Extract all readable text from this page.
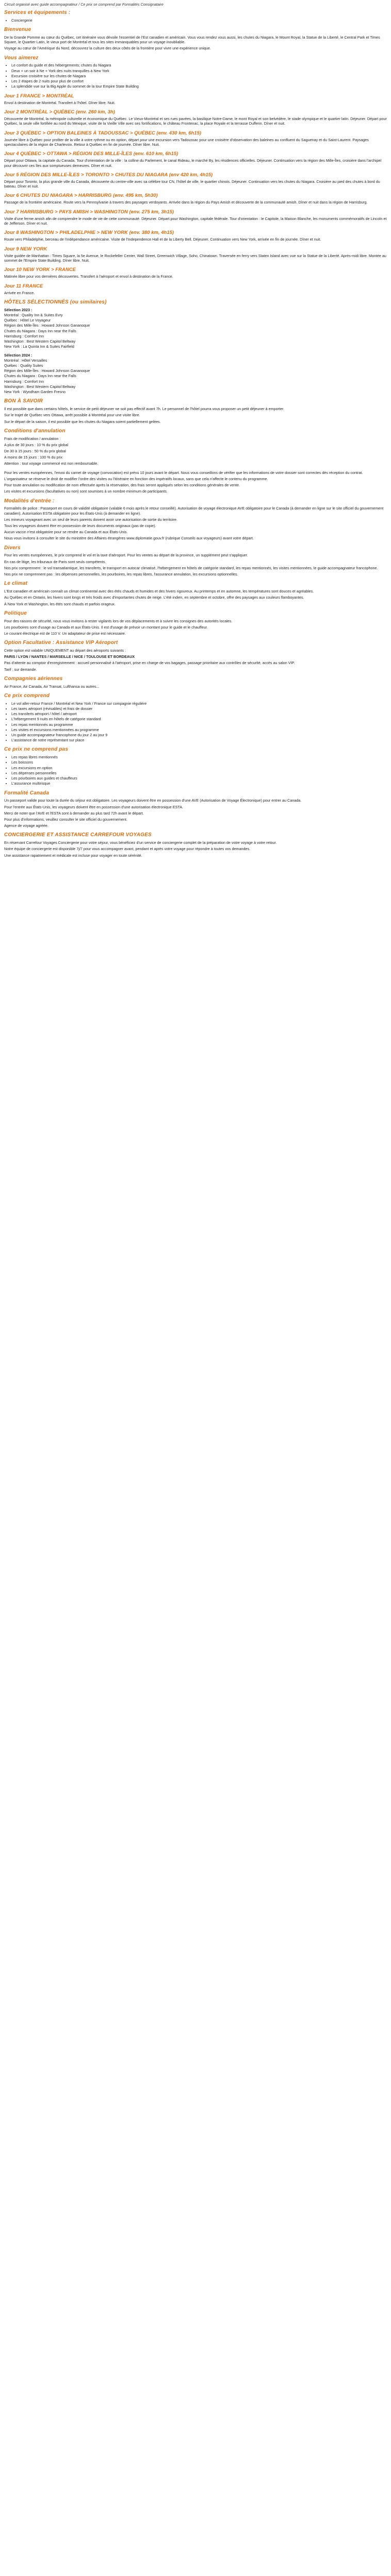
Circuit organisé avec guide accompagnateur / Ce prix se comprend par Formalités Consignataire

Services et équipements :
• Conciergerie
Bienvenue

De la Grande Pomme au cœur du Québec, cet itinéraire vous dévoile l'essentiel de l'Est canadien et américain. Vous vous rendez vous aussi, les chutes du Niagara, le Mount Royal, la Statue de la Liberté, le Central Park et Times Square, le Quartier Latin, le vieux port de Montréal et tous les sites immanquables pour un voyage inoubliable.

Voyage au cœur de l'Amérique du Nord, découvrez la culture des deux côtés de la frontière pour vivre une expérience unique.

Vous aimerez
• Le confort du guide et des hébergements; chutes du Niagara
• Deux + un soir à Ne + York des nuits tranquilles à New York
• Excursion croisière sur les chutes de Niagara
• Les 2 étapes de 2 nuits pour plus de confort
• La splendide vue sur la Big Apple du sommet de la tour Empire State Building
Jour 1 FRANCE > MONTRÉAL

Envol à destination de Montréal. Transfert à l'hôtel. Dîner libre. Nuit.

Jour 2 MONTRÉAL > QUÉBEC (env. 260 km, 3h)

Découverte de Montréal, la métropole culturelle et économique du Québec. Le Vieux-Montréal et ses rues pavées, la basilique Notre-Dame, le mont Royal et son belvédère, le stade olympique et le quartier latin. Déjeuner. Départ pour Québec, la seule ville fortifiée au nord du Mexique, visite de la Vieille Ville avec ses fortifications, le château Frontenac, la place Royale et la terrasse Dufferin. Dîner et nuit.

Jour 3 QUÉBEC > OPTION BALEINES À TADOUSSAC > QUÉBEC (env. 430 km, 6h15)

Journée libre à Québec pour profiter de la ville à votre rythme ou en option, départ pour une excursion vers Tadoussac pour une croisière d'observation des baleines au confluent du Saguenay et du Saint-Laurent. Paysages spectaculaires de la région de Charlevoix. Retour à Québec en fin de journée. Dîner libre. Nuit.

Jour 4 QUÉBEC > OTTAWA > RÉGION DES MILLE-ÎLES (env. 610 km, 6h15)

Départ pour Ottawa, la capitale du Canada. Tour d'orientation de la ville : la colline du Parlement, le canal Rideau, le marché By, les résidences officielles. Déjeuner. Continuation vers la région des Mille-Îles, croisière dans l'archipel pour découvrir ces îles aux somptueuses demeures. Dîner et nuit.

Jour 5 RÉGION DES MILLE-ÎLES > TORONTO > CHUTES DU NIAGARA (env 420 km, 4h15)

Départ pour Toronto, la plus grande ville du Canada, découverte du centre-ville avec sa célèbre tour CN, l'hôtel de ville, le quartier chinois. Déjeuner. Continuation vers les chutes du Niagara. Croisière au pied des chutes à bord du bateau. Dîner et nuit.

Jour 6 CHUTES DU NIAGARA > HARRISBURG (env. 495 km, 5h30)

Passage de la frontière américaine. Route vers la Pennsylvanie à travers des paysages verdoyants. Arrivée dans la région du Pays Amish et découverte de la communauté amish. Dîner et nuit dans la région de Harrisburg.

Jour 7 HARRISBURG > PAYS AMISH > WASHINGTON (env. 275 km, 3h15)

Visite d'une ferme amish afin de comprendre le mode de vie de cette communauté. Déjeuner. Départ pour Washington, capitale fédérale. Tour d'orientation : le Capitole, la Maison Blanche, les monuments commémoratifs de Lincoln et de Jefferson. Dîner et nuit.

Jour 8 WASHINGTON > PHILADELPHIE > NEW YORK (env. 380 km, 4h15)

Route vers Philadelphie, berceau de l'indépendance américaine. Visite de l'Independence Hall et de la Liberty Bell. Déjeuner. Continuation vers New York, arrivée en fin de journée. Dîner et nuit.

Jour 9 NEW YORK

Visite guidée de Manhattan : Times Square, la 5e Avenue, le Rockefeller Center, Wall Street, Greenwich Village, Soho, Chinatown. Traversée en ferry vers Staten Island avec vue sur la Statue de la Liberté. Après-midi libre. Montée au sommet de l'Empire State Building. Dîner libre. Nuit.

Jour 10 NEW YORK > FRANCE

Matinée libre pour vos dernières découvertes. Transfert à l'aéroport et envol à destination de la France.

Jour 11 FRANCE

Arrivée en France.

HÔTELS SÉLECTIONNÉS (ou similaires)

Sélection 2023 :

Montréal : Quality Inn & Suites Evry

Québec : Hôtel Le Voyageur

Région des Mille-Îles : Howard Johnson Gananoque

Chutes du Niagara : Days Inn near the Falls

Harrisburg : Comfort Inn

Washington : Best Western Capitol Beltway

New York : La Quinta Inn & Suites Fairfield

Sélection 2024 :

Montréal : Hôtel Versailles

Québec : Quality Suites

Région des Mille-Îles : Howard Johnson Gananoque

Chutes du Niagara : Days Inn near the Falls

Harrisburg : Comfort Inn

Washington : Best Western Capitol Beltway

New York : Wyndham Garden Fresno

BON À SAVOIR

Il est possible que dans certains hôtels, le service de petit déjeuner ne soit pas effectif avant 7h. Le personnel de l'hôtel pourra vous proposer un petit déjeuner à emporter.

Sur le trajet de Québec vers Ottawa, arrêt possible à Montréal pour une visite libre.

Sur le départ de la saison, il est possible que les chutes du Niagara soient partiellement gelées.

Conditions d'annulation

Frais de modification / annulation :

A plus de 30 jours : 10 % du prix global

De 30 à 15 jours : 50 % du prix global

A moins de 15 jours : 100 % du prix

Attention : tout voyage commencé est non remboursable.

Pour les ventes européennes, l'envoi du carnet de voyage (convocation) est prévu 10 jours avant le départ. Nous vous conseillons de vérifier que les informations de votre dossier sont correctes dès réception du contrat.

L'organisateur se réserve le droit de modifier l'ordre des visites ou l'itinéraire en fonction des impératifs locaux, sans que cela n'affecte le contenu du programme.

Pour toute annulation ou modification de nom effectuée après la réservation, des frais seront appliqués selon les conditions générales de vente.

Les visites et excursions (facultatives ou non) sont soumises à un nombre minimum de participants.

Modalités d'entrée :

Formalités de police : Passeport en cours de validité obligatoire (valable 6 mois après le retour conseillé). Autorisation de voyage électronique AVE obligatoire pour le Canada (à demander en ligne sur le site officiel du gouvernement canadien). Autorisation ESTA obligatoire pour les États-Unis (à demander en ligne).

Les mineurs voyageant avec un seul de leurs parents doivent avoir une autorisation de sortie du territoire.

Tous les voyageurs doivent être en possession de leurs documents originaux (pas de copie).

Aucun vaccin n'est obligatoire pour se rendre au Canada et aux États-Unis.

Nous vous invitons à consulter le site du ministère des Affaires étrangères www.diplomatie.gouv.fr (rubrique Conseils aux voyageurs) avant votre départ.

Divers

Pour les ventes européennes, le prix comprend le vol et la taxe d'aéroport. Pour les ventes au départ de la province, un supplément peut s'appliquer.

En cas de litige, les tribunaux de Paris sont seuls compétents.

Nos prix comprennent : le vol transatlantique, les transferts, le transport en autocar climatisé, l'hébergement en hôtels de catégorie standard, les repas mentionnés, les visites mentionnées, le guide accompagnateur francophone.

Nos prix ne comprennent pas : les dépenses personnelles, les pourboires, les repas libres, l'assurance annulation, les excursions optionnelles.

Le climat

L'Est canadien et américain connaît un climat continental avec des étés chauds et humides et des hivers rigoureux. Au printemps et en automne, les températures sont douces et agréables.

Au Québec et en Ontario, les hivers sont longs et très froids avec d'importantes chutes de neige. L'été indien, en septembre et octobre, offre des paysages aux couleurs flamboyantes.

À New York et Washington, les étés sont chauds et parfois orageux.

Politique

Pour des raisons de sécurité, nous vous invitons à rester vigilants lors de vos déplacements et à suivre les consignes des autorités locales.

Les pourboires sont d'usage au Canada et aux États-Unis. Il est d'usage de prévoir un montant pour le guide et le chauffeur.

Le courant électrique est de 110 V. Un adaptateur de prise est nécessaire.

Option Facultative : Assistance VIP Aéroport

Cette option est valable UNIQUEMENT au départ des aéroports suivants :

PARIS / LYON / NANTES / MARSEILLE / NICE / TOULOUSE ET BORDEAUX

Pas d'attente au comptoir d'enregistrement : accueil personnalisé à l'aéroport, prise en charge de vos bagages, passage prioritaire aux contrôles de sécurité, accès au salon VIP.

Tarif : sur demande.

Compagnies aériennes

Air France, Air Canada, Air Transat, Lufthansa ou autres...

Ce prix comprend
• Le vol aller-retour France / Montréal et New York / France sur compagnie régulière
• Les taxes aéroport (révisables) et frais de dossier
• Les transferts aéroport / hôtel / aéroport
• L'hébergement 9 nuits en hôtels de catégorie standard
• Les repas mentionnés au programme
• Les visites et excursions mentionnées au programme
• Un guide accompagnateur francophone du jour 2 au jour 9
• L'assistance de notre représentant sur place
Ce prix ne comprend pas
• Les repas libres mentionnés
• Les boissons
• Les excursions en option
• Les dépenses personnelles
• Les pourboires aux guides et chauffeurs
• L'assurance multirisque
Formalité Canada

Un passeport valide pour toute la durée du séjour est obligatoire. Les voyageurs doivent être en possession d'une AVE (Autorisation de Voyage Électronique) pour entrer au Canada.

Pour l'entrée aux États-Unis, les voyageurs doivent être en possession d'une autorisation électronique ESTA.

Merci de noter que l'AVE et l'ESTA sont à demander au plus tard 72h avant le départ.

Pour plus d'informations, veuillez consulter le site officiel du gouvernement.

Agence de voyage agréée.

CONCIERGERIE ET ASSISTANCE CARREFOUR VOYAGES

En réservant Carrefour Voyages Conciergerie pour votre séjour, vous bénéficiez d'un service de conciergerie complet de la préparation de votre voyage à votre retour.

Notre équipe de conciergerie est disponible 7j/7 pour vous accompagner avant, pendant et après votre voyage pour répondre à toutes vos demandes.

Une assistance rapatriement et médicale est incluse pour voyager en toute sérénité.
